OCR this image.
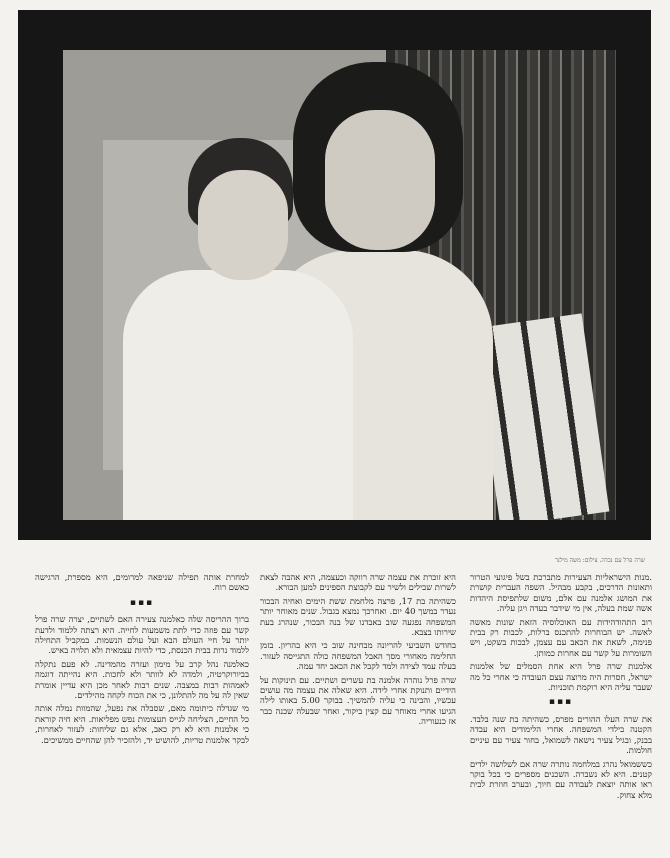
שרה פרל עם נכדה. צילום: משה מילנר

.מנות הישראליות הצעירות מתברכת בשל פיגועי הטרור ותאונות הדרכים, בקבע מבהיל. השפה העברית קושרת את המושג אלמנה עם אלם, משום שלתפיסת היהדות אשה שמת בעלה, אין מי שידבר בעדה ויגן עליה.

רוב התהודהידות עם האוכלוסיה הזאת שונות מאשה לאשה. יש הבוחרות להתכנס ברלות, לכבות רק בבית פנימה, לשאת את הכאב עם עצמן, לבכות בשקט, ויש השומרות על קשר עם אחרות כמותן.

אלמנות שרה פרל היא אחת הסמלים של אלמנות ישראל, חסרות היה מרוצה עצם העובדה כי אחרי כל מה שעבר עליה היא רוקמת תוכניות.

▪▪▪

את שרה העלו ההורים מפרס, כשהיתה בת שנה בלבד. הקטנה בילדי המשפחה. אחרי הלימודים היא עבדה בבנק, ובגיל צעיר נישאה לשמואל, בחור צעיר עם עיניים חולמות.

כששמואל נהרג במלחמה נותרה שרה אם לשלושה ילדים קטנים. היא לא נשברה. השכנים מספרים כי בכל בוקר ראו אותה יוצאת לעבודה עם חיוך, ובערב חוזרת לבית מלא צחוק.

היא זוכרת את עצמה שרה רווקה וכעצמה, היא אהבה לצאת לשרות שבילים ולשיר עם לקבוצת הספינים למען הבורא.

כשהיתה בת 17, פרצה מלחמת ששת הימים ואחיה הבכור נעדר במשך 40 יום. ואחרכך נמצא בגבול. שנים מאוחר יותר המשפחה נפגעה שוב באבדנו של בנה הבכור, שנהרג בעת שירותו בצבא.

בחודש השביעי להריונה מבחינה שוב כי היא בהריון. בזמן החלימה מאחורי מסך האבל המשפחה כולה התגייסה לעזור. בעלה עמד לצידה ולמד לקבל את הכאב יחד עמה.

שרה פרל נוהרה אלמנה בת עשרים ושתיים. עם תינוקות על הידיים ותנוקת אחרי לידה. היא שאלה את עצמה מה עושים עכשיו, והבינה כי עליה להמשיך. בבוקר 5.00 באותו לילה הגיעו אחרי מאוחר עם קצין ביקור, ואחר שבעלה שכנה כבר אז כנעוריה.

למחרת אותה תפילה שניפאה למרומים, היא מספרת, הרגישה כאשם רוח.

▪▪▪

ברוך ההריסה שלה כאלמנה צעירה האם לשתיים, יצרה שרה פרל קשר עם פוזה כדי לתת משמעות לחייה. היא רצתה ללמוד ולדעת יותר על חיי העולם הבא ועל עולם הנשמות. במקביל התחילה ללמוד נרות בבית הכנסת, כדי להיות עצמאית ולא תלויה באיש.

כאלמנה נהל קרב על מימון ועזרה מהמדינה. לא פעם נתקלה בביורוקרטיה, ולמדה לא לוותר ולא לחכות. היא נהייתה דוגמה לאמהות רבות במצבה. שנים רבות לאחר מכן היא עדיין אומרת שאין לה על מה להתלונן, כי את הכוח לקחה מהילדים.

מי שגדלה כיתומה מאם, שסבלה את נפעל, שהמוות נמלה אותה כל החיים, הצליחה לגייס תעצומות נפש מפליאות. היא חיה קוראת כי אלמנות היא לא רק כאב, אלא גם שליחות: לעזור לאחרות, לבקר אלמנות טריות, להושיט יד, ולהזכיר להן שהחיים ממשיכים.
